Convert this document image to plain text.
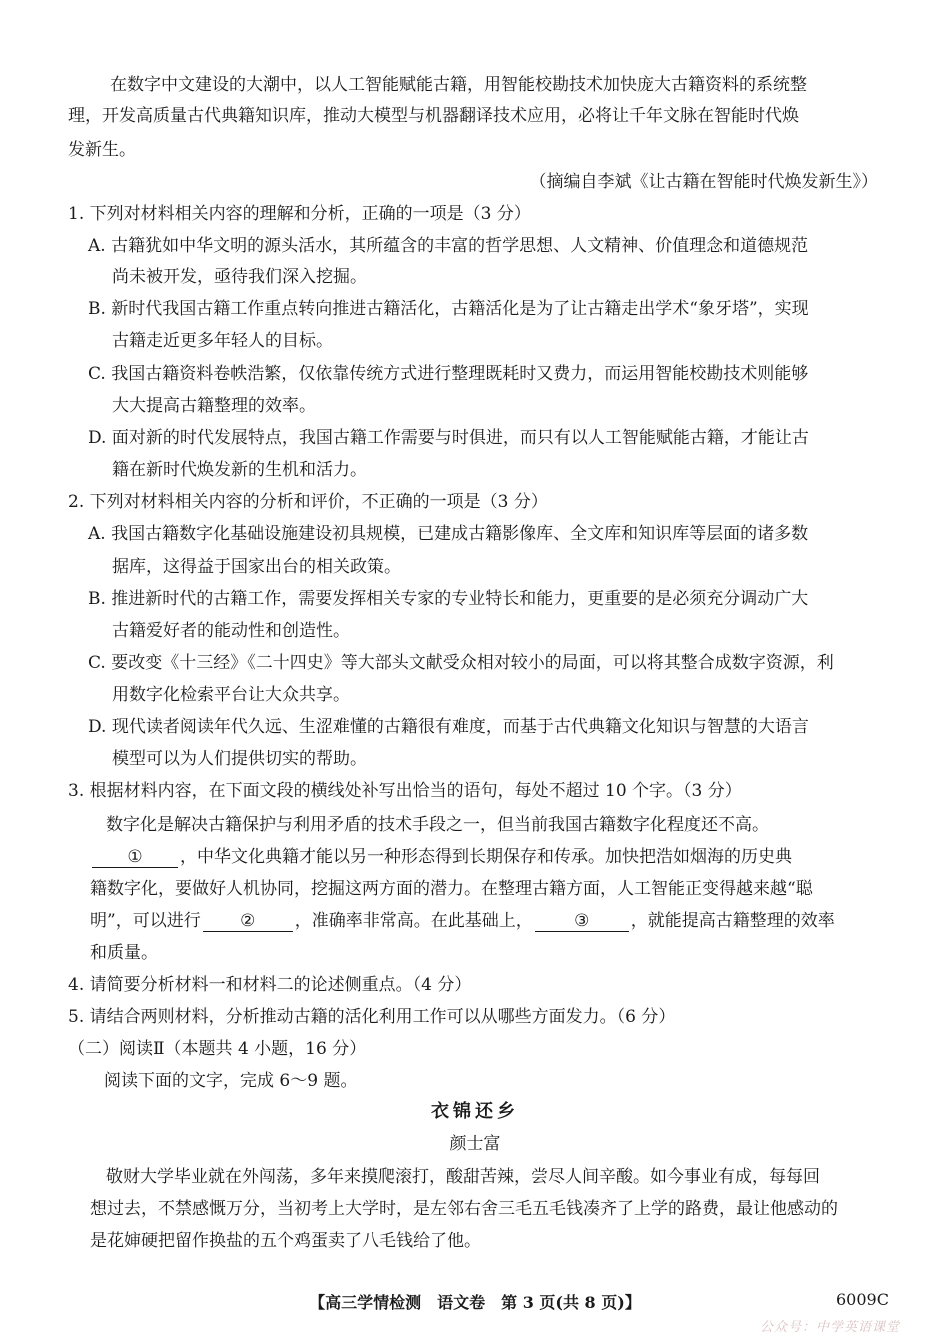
在数字中文建设的大潮中，以人工智能赋能古籍，用智能校勘技术加快庞大古籍资料的系统整
理，开发高质量古代典籍知识库，推动大模型与机器翻译技术应用，必将让千年文脉在智能时代焕
发新生。
（摘编自李斌《让古籍在智能时代焕发新生》）
1. 下列对材料相关内容的理解和分析，正确的一项是（3 分）
A. 古籍犹如中华文明的源头活水，其所蕴含的丰富的哲学思想、人文精神、价值理念和道德规范
尚未被开发，亟待我们深入挖掘。
B. 新时代我国古籍工作重点转向推进古籍活化，古籍活化是为了让古籍走出学术“象牙塔”，实现
古籍走近更多年轻人的目标。
C. 我国古籍资料卷帙浩繁，仅依靠传统方式进行整理既耗时又费力，而运用智能校勘技术则能够
大大提高古籍整理的效率。
D. 面对新的时代发展特点，我国古籍工作需要与时俱进，而只有以人工智能赋能古籍，才能让古
籍在新时代焕发新的生机和活力。
2. 下列对材料相关内容的分析和评价，不正确的一项是（3 分）
A. 我国古籍数字化基础设施建设初具规模，已建成古籍影像库、全文库和知识库等层面的诸多数
据库，这得益于国家出台的相关政策。
B. 推进新时代的古籍工作，需要发挥相关专家的专业特长和能力，更重要的是必须充分调动广大
古籍爱好者的能动性和创造性。
C. 要改变《十三经》《二十四史》等大部头文献受众相对较小的局面，可以将其整合成数字资源，利
用数字化检索平台让大众共享。
D. 现代读者阅读年代久远、生涩难懂的古籍很有难度，而基于古代典籍文化知识与智慧的大语言
模型可以为人们提供切实的帮助。
3. 根据材料内容，在下面文段的横线处补写出恰当的语句，每处不超过 10 个字。（3 分）
数字化是解决古籍保护与利用矛盾的技术手段之一，但当前我国古籍数字化程度还不高。
① ，中华文化典籍才能以另一种形态得到长期保存和传承。加快把浩如烟海的历史典
籍数字化，要做好人机协同，挖掘这两方面的潜力。在整理古籍方面，人工智能正变得越来越“聪
明”，可以进行 ② ，准确率非常高。在此基础上， ③ ，就能提高古籍整理的效率
和质量。
4. 请简要分析材料一和材料二的论述侧重点。（4 分）
5. 请结合两则材料，分析推动古籍的活化利用工作可以从哪些方面发力。（6 分）
（二）阅读Ⅱ（本题共 4 小题，16 分）
阅读下面的文字，完成 6～9 题。
衣锦还乡
颜士富
敬财大学毕业就在外闯荡，多年来摸爬滚打，酸甜苦辣，尝尽人间辛酸。如今事业有成，每每回
想过去，不禁感慨万分，当初考上大学时，是左邻右舍三毛五毛钱凑齐了上学的路费，最让他感动的
是花婶硬把留作换盐的五个鸡蛋卖了八毛钱给了他。
【高三学情检测　语文卷　第 3 页(共 8 页)】	6009C
公众号：中学英语课堂
